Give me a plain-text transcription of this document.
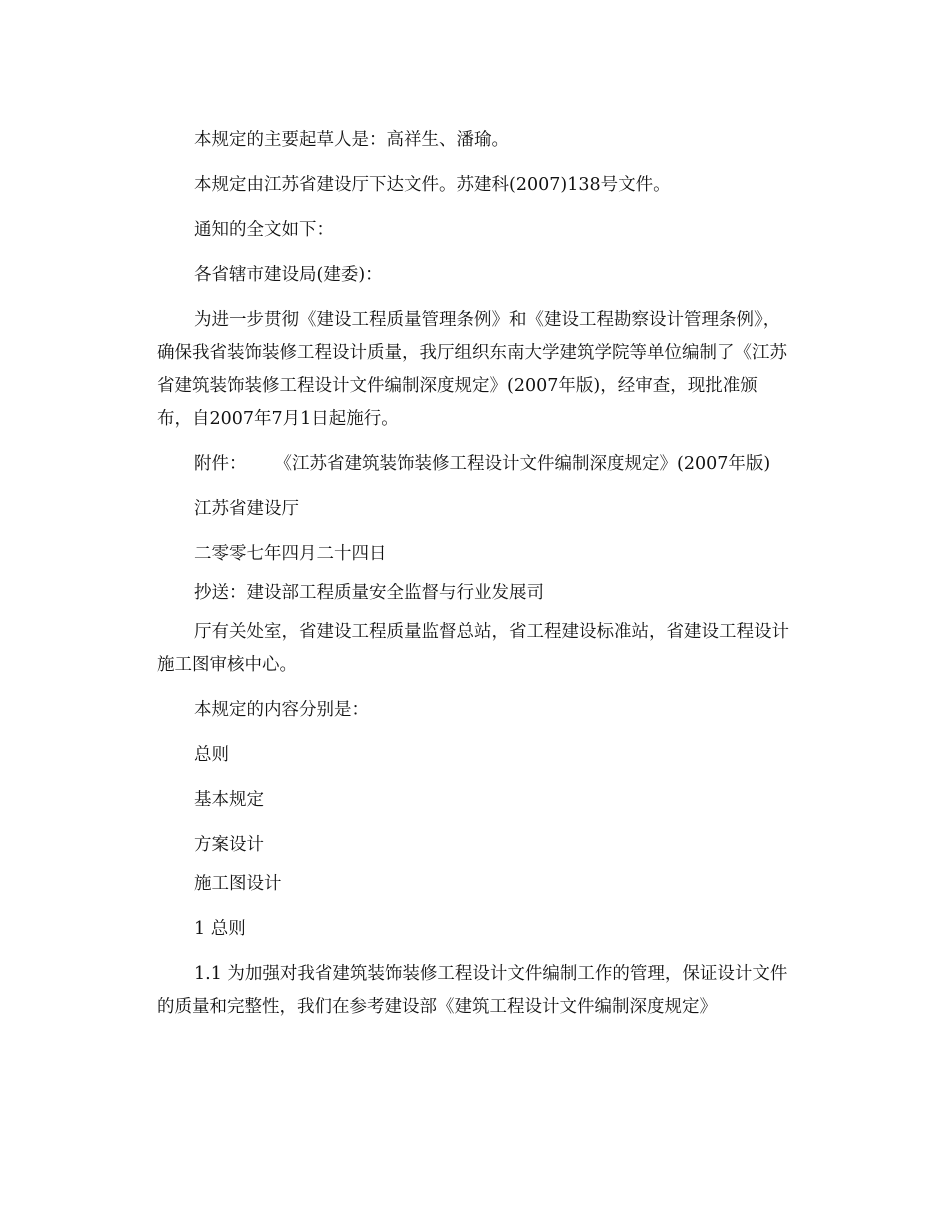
本规定的主要起草人是：高祥生、潘瑜。

本规定由江苏省建设厅下达文件。苏建科(2007)138号文件。

通知的全文如下：

各省辖市建设局(建委)：

为进一步贯彻《建设工程质量管理条例》和《建设工程勘察设计管理条例》，确保我省装饰装修工程设计质量，我厅组织东南大学建筑学院等单位编制了《江苏省建筑装饰装修工程设计文件编制深度规定》(2007年版)，经审查，现批准颁布，自2007年7月1日起施行。

附件： 《江苏省建筑装饰装修工程设计文件编制深度规定》(2007年版)

江苏省建设厅

二零零七年四月二十四日

抄送：建设部工程质量安全监督与行业发展司

厅有关处室，省建设工程质量监督总站，省工程建设标准站，省建设工程设计施工图审核中心。

本规定的内容分别是：

总则

基本规定

方案设计

施工图设计

1 总则

1.1 为加强对我省建筑装饰装修工程设计文件编制工作的管理，保证设计文件的质量和完整性，我们在参考建设部《建筑工程设计文件编制深度规定》
